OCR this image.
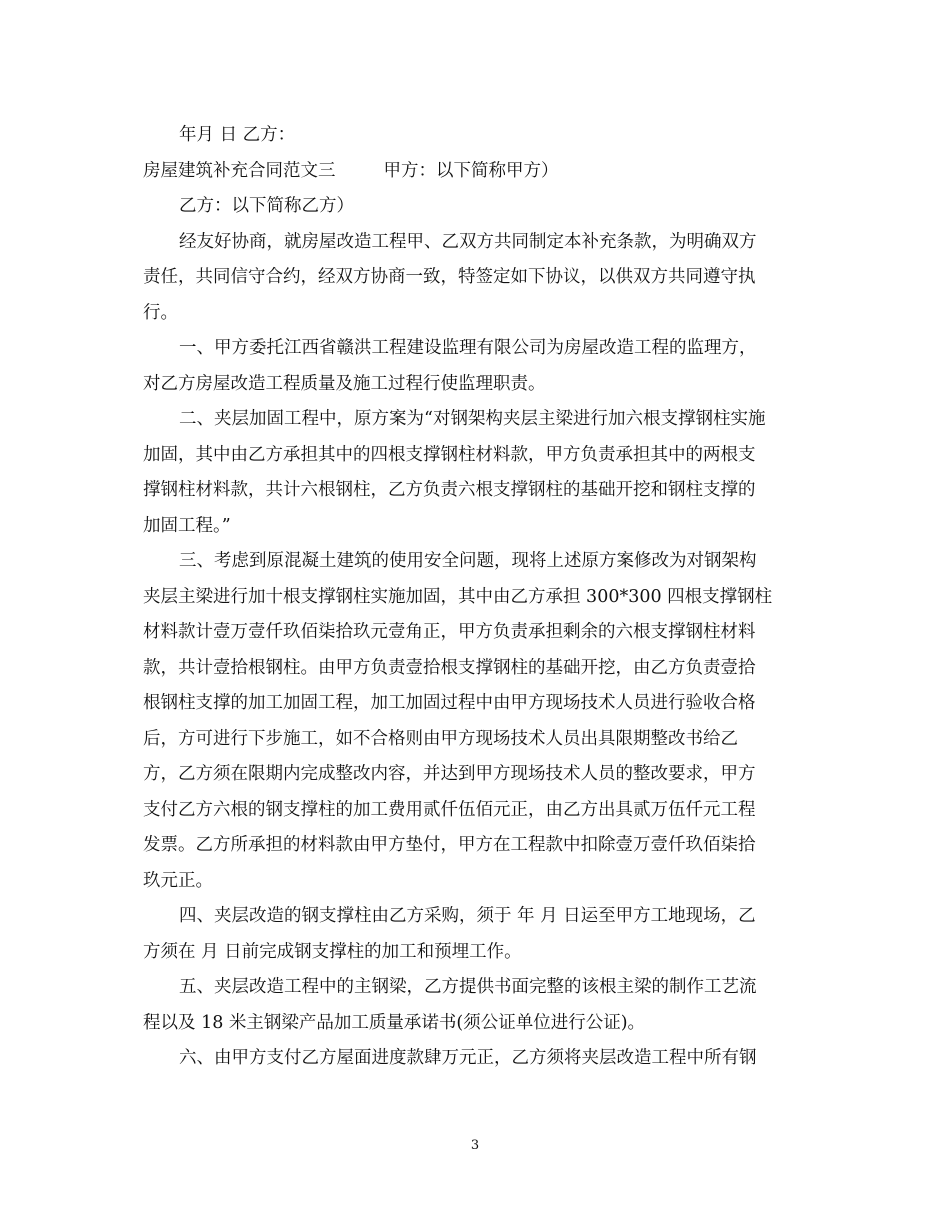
年月 日 乙方：

房屋建筑补充合同范文三	甲方：以下简称甲方）

乙方：以下简称乙方）

经友好协商，就房屋改造工程甲、乙双方共同制定本补充条款，为明确双方

责任，共同信守合约，经双方协商一致，特签定如下协议，以供双方共同遵守执

行。

一、甲方委托江西省赣洪工程建设监理有限公司为房屋改造工程的监理方，

对乙方房屋改造工程质量及施工过程行使监理职责。

二、夹层加固工程中，原方案为“对钢架构夹层主梁进行加六根支撑钢柱实施

加固，其中由乙方承担其中的四根支撑钢柱材料款，甲方负责承担其中的两根支

撑钢柱材料款，共计六根钢柱，乙方负责六根支撑钢柱的基础开挖和钢柱支撑的

加固工程。”

三、考虑到原混凝土建筑的使用安全问题，现将上述原方案修改为对钢架构

夹层主梁进行加十根支撑钢柱实施加固，其中由乙方承担 300*300 四根支撑钢柱

材料款计壹万壹仟玖佰柒拾玖元壹角正，甲方负责承担剩余的六根支撑钢柱材料

款，共计壹拾根钢柱。由甲方负责壹拾根支撑钢柱的基础开挖，由乙方负责壹拾

根钢柱支撑的加工加固工程，加工加固过程中由甲方现场技术人员进行验收合格

后，方可进行下步施工，如不合格则由甲方现场技术人员出具限期整改书给乙

方，乙方须在限期内完成整改内容，并达到甲方现场技术人员的整改要求，甲方

支付乙方六根的钢支撑柱的加工费用贰仟伍佰元正，由乙方出具贰万伍仟元工程

发票。乙方所承担的材料款由甲方垫付，甲方在工程款中扣除壹万壹仟玖佰柒拾

玖元正。

四、夹层改造的钢支撑柱由乙方采购，须于 年 月 日运至甲方工地现场，乙

方须在 月 日前完成钢支撑柱的加工和预埋工作。

五、夹层改造工程中的主钢梁，乙方提供书面完整的该根主梁的制作工艺流

程以及 18 米主钢梁产品加工质量承诺书(须公证单位进行公证)。

六、由甲方支付乙方屋面进度款肆万元正，乙方须将夹层改造工程中所有钢

3
